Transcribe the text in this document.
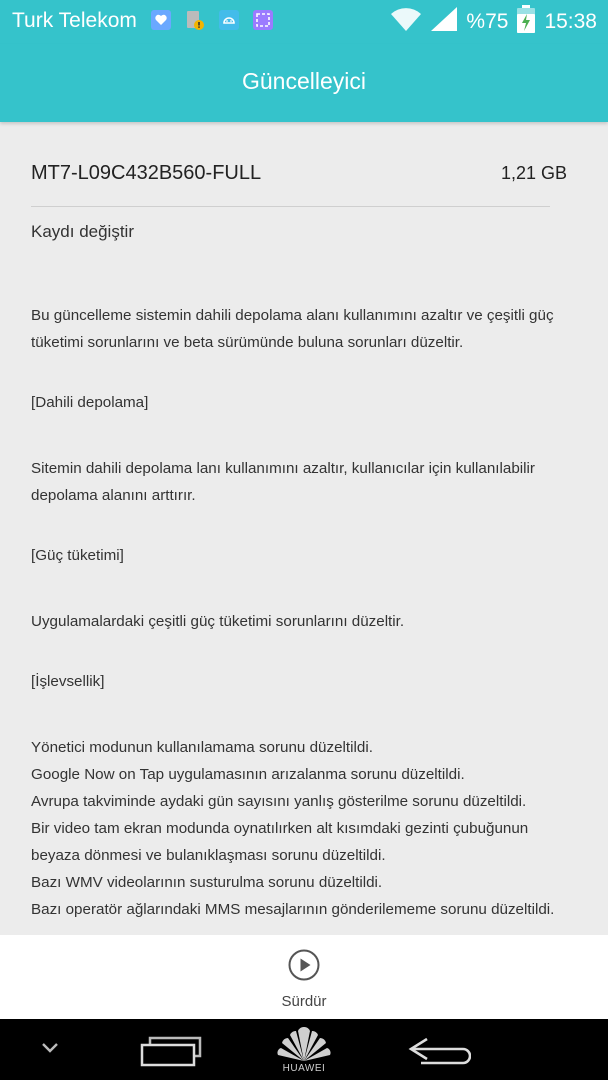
Turk Telekom	%75 15:38
Güncelleyici
MT7-L09C432B560-FULL	1,21 GB
Kaydı değiştir
Bu güncelleme sistemin dahili depolama alanı kullanımını azaltır ve çeşitli güç
tüketimi sorunlarını ve beta sürümünde buluna sorunları düzeltir.
[Dahili depolama]
Sitemin dahili depolama lanı kullanımını azaltır, kullanıcılar için kullanılabilir
depolama alanını arttırır.
[Güç tüketimi]
Uygulamalardaki çeşitli güç tüketimi sorunlarını düzeltir.
[İşlevsellik]
Yönetici modunun kullanılamama sorunu düzeltildi.
Google Now on Tap uygulamasının arızalanma sorunu düzeltildi.
Avrupa takviminde aydaki gün sayısını yanlış gösterilme sorunu düzeltildi.
Bir video tam ekran modunda oynatılırken alt kısımdaki gezinti çubuğunun
beyaza dönmesi ve bulanıklaşması sorunu düzeltildi.
Bazı WMV videolarının susturulma sorunu düzeltildi.
Bazı operatör ağlarındaki MMS mesajlarının gönderilememe sorunu düzeltildi.
Sürdür
HUAWEI
